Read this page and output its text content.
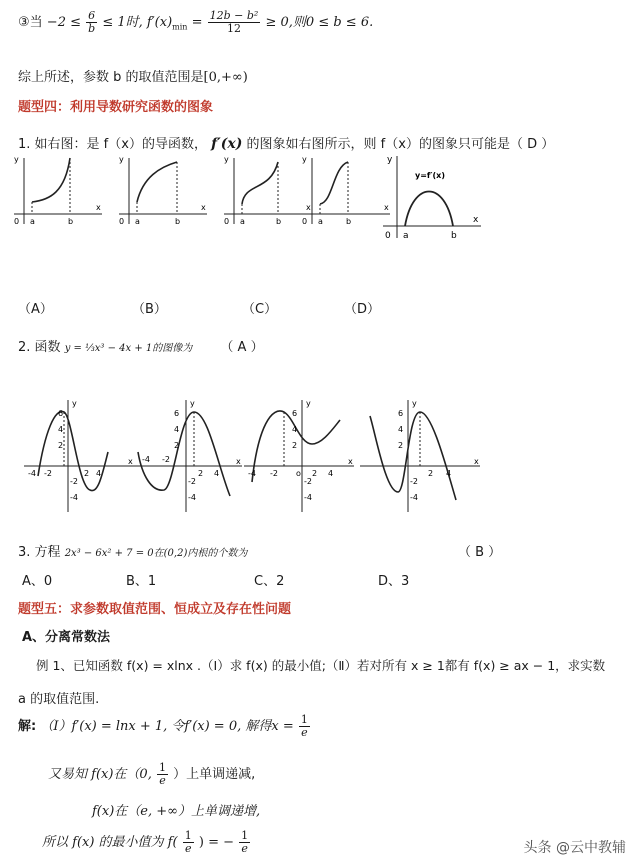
③当 $-2 \le \frac{6}{b} \le 1$时, $f'(x)_{min} = \frac{\text{12b − b²}}{12} \ge 0$,则0 ≤ b ≤ 6.
综上所述，参数 b 的取值范围是[0,+∞)
题型四：利用导数研究函数的图象
1. 如右图：是 f（x）的导函数， f′(x) 的图象如右图所示，则 f（x）的图象只可能是（ D ）
y
x
0 a	b
y
x
0 a	b
y
x
0 a	b
y
x
0 a	b
y=f′(x)
y
x
0 a	b
（A）	（B）	（C）	（D）
2. 函数 y = ⅓x³ − 4x + 1的图像为 （ A ）
y
x
6
4
2
-2
-4
-4 -2	2 4
y
x
6
4
2
-2
-4
-4 -2
2 4
y
x
6
4
2
-2
-4
-4 -2 o 2 4
y
x
6
4
2
-2
-4
2 4
3. 方程 2x³ − 6x² + 7 = 0在(0,2)内根的个数为	（ B ）
A、0	B、1	C、2	D、3
题型五：求参数取值范围、恒成立及存在性问题
A、分离常数法
例 1、已知函数 f(x) = xlnx .（Ⅰ）求 f(x) 的最小值;（Ⅱ）若对所有 x ≥ 1都有 f(x) ≥ ax − 1，求实数
a 的取值范围.
解: （Ⅰ）f′(x) = lnx + 1, 令f′(x) = 0, 解得$x = \frac{1}{e}$
又易知 f(x)在（0, $\frac{1}{e}$ ）上单调递减,
f(x)在（e, +∞）上单调递增,
所以 f(x) 的最小值为 $f( \frac{1}{e}$ ) = − $\frac{1}{e}$	头条 @云中教辅
